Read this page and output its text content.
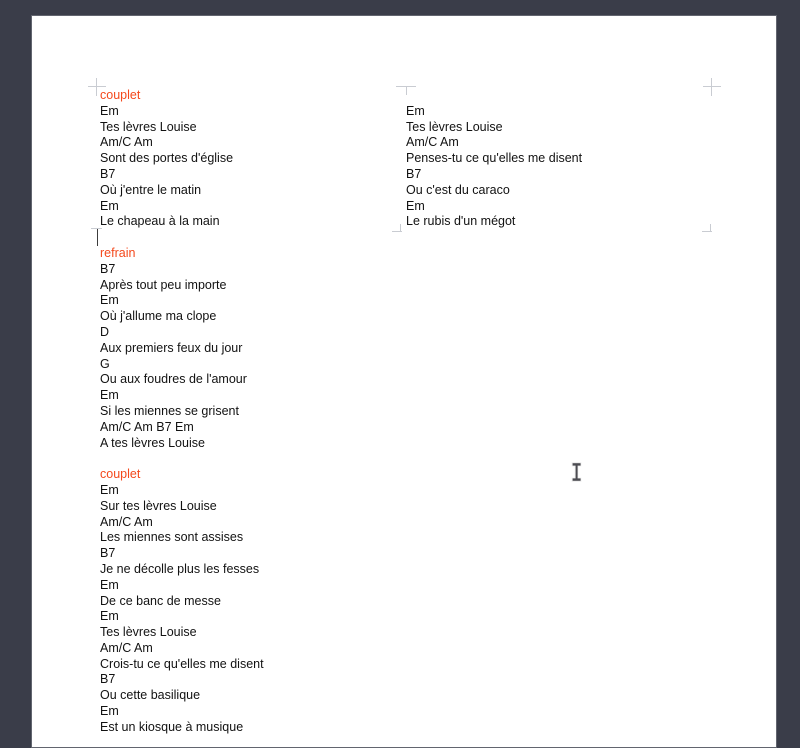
couplet
Em
Tes lèvres Louise
Am/C Am
Sont des portes d'église
B7
Où j'entre le matin
Em
Le chapeau à la main
refrain
B7
Après tout peu importe
Em
Où j'allume ma clope
D
Aux premiers feux du jour
G
Ou aux foudres de l'amour
Em
Si les miennes se grisent
Am/C Am B7 Em
A tes lèvres Louise
couplet
Em
Sur tes lèvres Louise
Am/C Am
Les miennes sont assises
B7
Je ne décolle plus les fesses
Em
De ce banc de messe
Em
Tes lèvres Louise
Am/C Am
Crois-tu ce qu'elles me disent
B7
Ou cette basilique
Em
Est un kiosque à musique
Em
Tes lèvres Louise
Am/C Am
Penses-tu ce qu'elles me disent
B7
Ou c'est du caraco
Em
Le rubis d'un mégot
